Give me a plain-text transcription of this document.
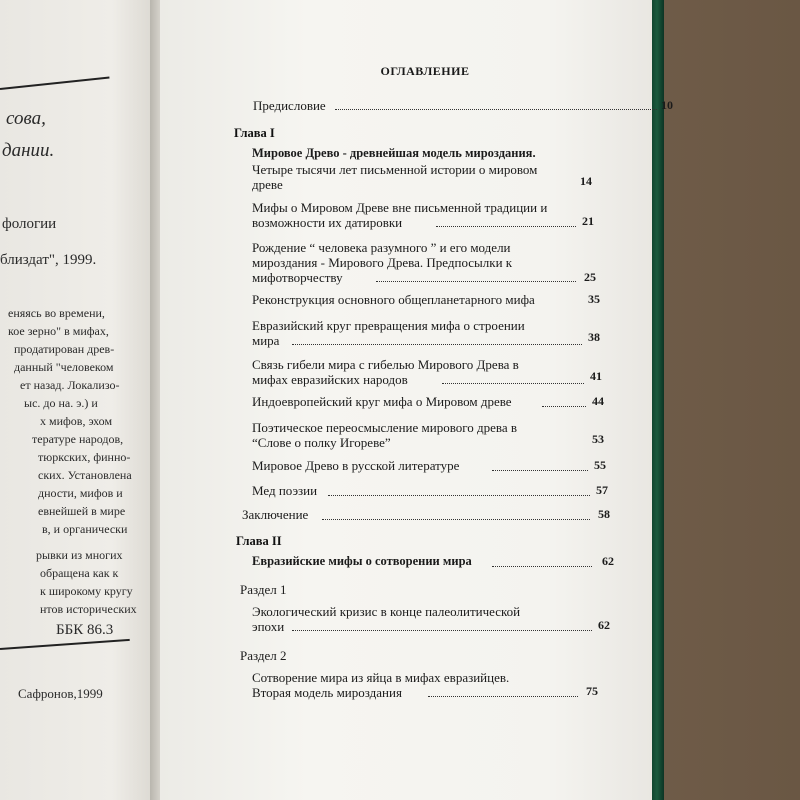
сова,
дании.
фологии
близдат", 1999.
еняясь во времени,
кое зерно" в мифах,
продатирован древ-
данный "человеком
ет назад. Локализо-
ыс. до на. э.) и
х мифов, эхом
тературе народов,
тюркских, финно-
ских. Установлена
дности, мифов и
евнейшей в мире
в, и органически
рывки из многих
обращена как к
к широкому кругу
нтов исторических
ББК 86.3
Сафронов,1999
ОГЛАВЛЕНИЕ
Предисловие	10
Глава I
Мировое Древо - древнейшая модель мироздания.
Четыре тысячи лет письменной истории о мировом
древе	14
Мифы о Мировом Древе вне письменной традиции и
возможности их датировки	21
Рождение “ человека разумного ” и его модели
мироздания - Мирового Древа. Предпосылки к
мифотворчеству	25
Реконструкция основного общепланетарного мифа	35
Евразийский круг превращения мифа о строении
мира	38
Связь гибели мира с гибелью Мирового Древа в
мифах евразийских народов	41
Индоевропейский круг мифа о Мировом древе	44
Поэтическое переосмысление мирового древа в
“Слове о полку Игореве”	53
Мировое Древо в русской литературе	55
Мед поэзии	57
Заключение	58
Глава II
Евразийские мифы о сотворении мира	62
Раздел 1
Экологический кризис в конце палеолитической
эпохи	62
Раздел 2
Сотворение мира из яйца в мифах евразийцев.
Вторая модель мироздания	75
